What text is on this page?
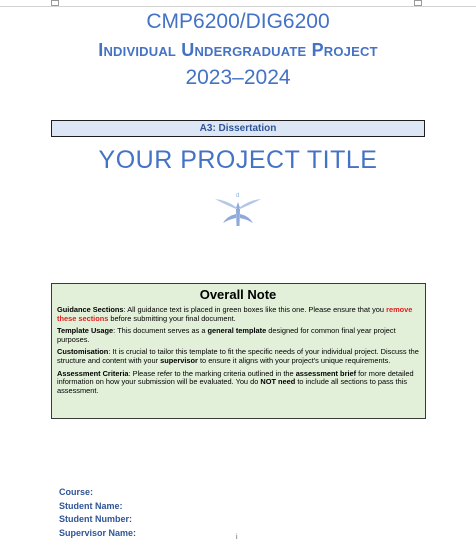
CMP6200/DIG6200
Individual Undergraduate Project
2023–2024
A3: Dissertation
YOUR PROJECT TITLE
d
Overall Note

Guidance Sections: All guidance text is placed in green boxes like this one. Please ensure that you remove these sections before submitting your final document.

Template Usage: This document serves as a general template designed for common final year project purposes.

Customisation: It is crucial to tailor this template to fit the specific needs of your individual project. Discuss the structure and content with your supervisor to ensure it aligns with your project's unique requirements.

Assessment Criteria: Please refer to the marking criteria outlined in the assessment brief for more detailed information on how your submission will be evaluated. You do NOT need to include all sections to pass this assessment.

Course:
Student Name:
Student Number:
Supervisor Name:	i
